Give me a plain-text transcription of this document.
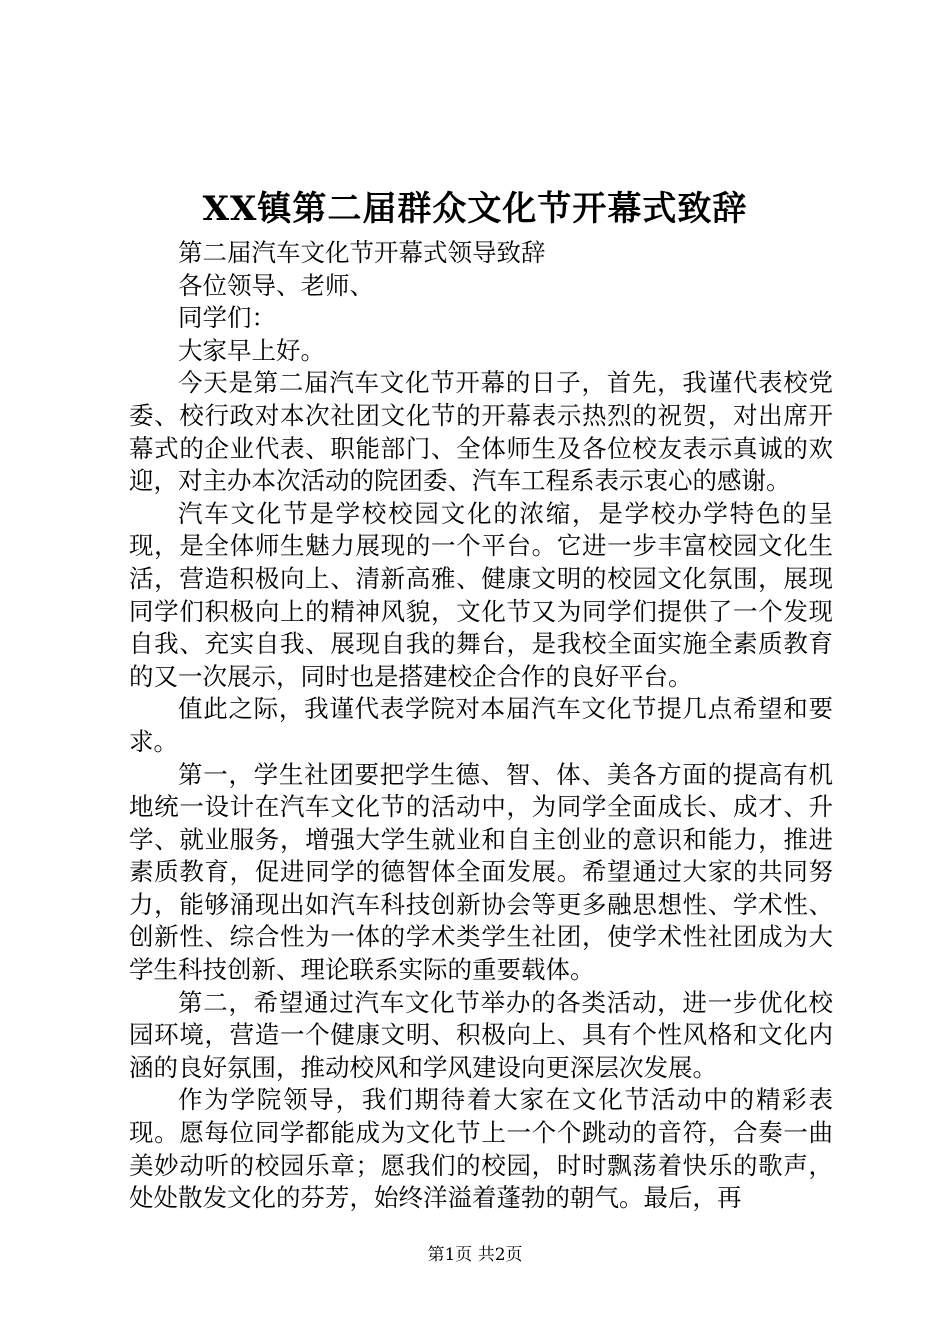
XX镇第二届群众文化节开幕式致辞

第二届汽车文化节开幕式领导致辞

各位领导、老师、

同学们：

大家早上好。

今天是第二届汽车文化节开幕的日子，首先，我谨代表校党委、校行政对本次社团文化节的开幕表示热烈的祝贺，对出席开幕式的企业代表、职能部门、全体师生及各位校友表示真诚的欢迎，对主办本次活动的院团委、汽车工程系表示衷心的感谢。

汽车文化节是学校校园文化的浓缩，是学校办学特色的呈现，是全体师生魅力展现的一个平台。它进一步丰富校园文化生活，营造积极向上、清新高雅、健康文明的校园文化氛围，展现同学们积极向上的精神风貌，文化节又为同学们提供了一个发现自我、充实自我、展现自我的舞台，是我校全面实施全素质教育的又一次展示，同时也是搭建校企合作的良好平台。

值此之际，我谨代表学院对本届汽车文化节提几点希望和要求。

第一，学生社团要把学生德、智、体、美各方面的提高有机地统一设计在汽车文化节的活动中，为同学全面成长、成才、升学、就业服务，增强大学生就业和自主创业的意识和能力，推进素质教育，促进同学的德智体全面发展。希望通过大家的共同努力，能够涌现出如汽车科技创新协会等更多融思想性、学术性、创新性、综合性为一体的学术类学生社团，使学术性社团成为大学生科技创新、理论联系实际的重要载体。

第二，希望通过汽车文化节举办的各类活动，进一步优化校园环境，营造一个健康文明、积极向上、具有个性风格和文化内涵的良好氛围，推动校风和学风建设向更深层次发展。

作为学院领导，我们期待着大家在文化节活动中的精彩表现。愿每位同学都能成为文化节上一个个跳动的音符，合奏一曲美妙动听的校园乐章；愿我们的校园，时时飘荡着快乐的歌声，处处散发文化的芬芳，始终洋溢着蓬勃的朝气。最后，再

第1页 共2页
